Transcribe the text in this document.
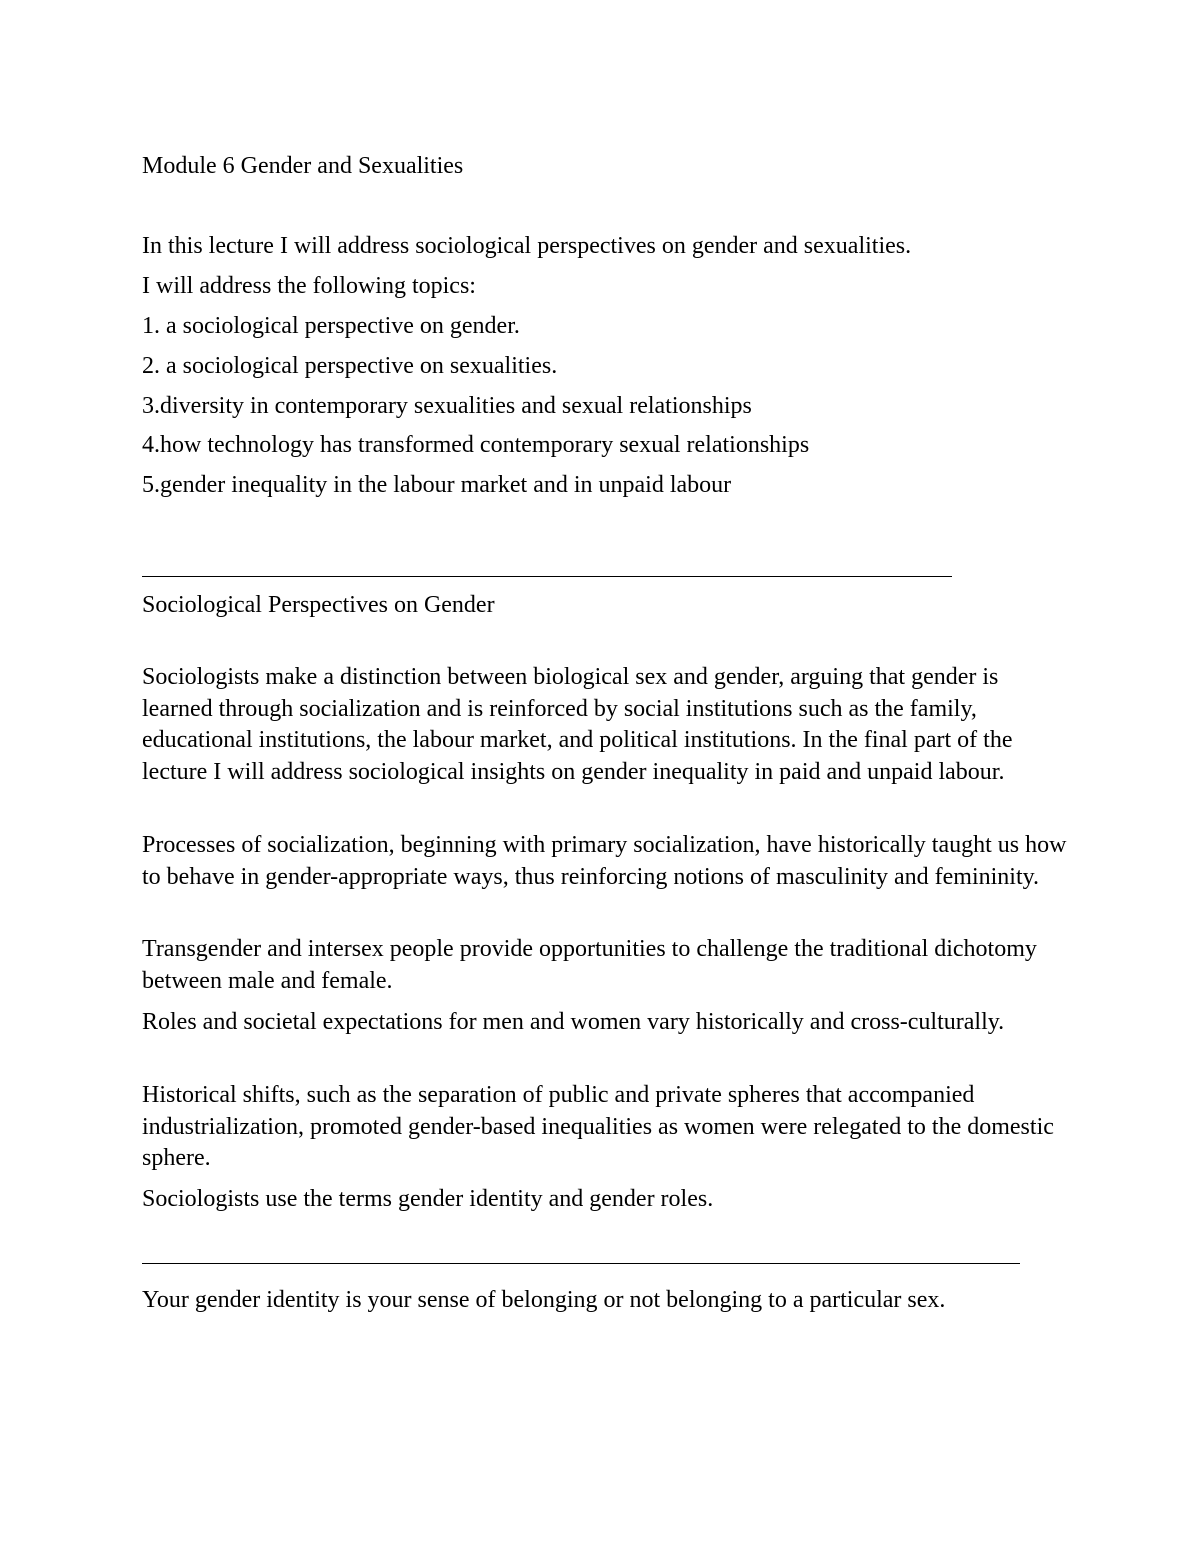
Module 6 Gender and Sexualities
In this lecture I will address sociological perspectives on gender and sexualities.
I will address the following topics:
1. a sociological perspective on gender.
2. a sociological perspective on sexualities.
3.diversity in contemporary sexualities and sexual relationships
4.how technology has transformed contemporary sexual relationships
5.gender inequality in the labour market and in unpaid labour
Sociological Perspectives on Gender

Sociologists make a distinction between biological sex and gender, arguing that gender is learned through socialization and is reinforced by social institutions such as the family, educational institutions, the labour market, and political institutions. In the final part of the lecture I will address sociological insights on gender inequality in paid and unpaid labour.

Processes of socialization, beginning with primary socialization, have historically taught us how to behave in gender-appropriate ways, thus reinforcing notions of masculinity and femininity.

Transgender and intersex people provide opportunities to challenge the traditional dichotomy between male and female.

Roles and societal expectations for men and women vary historically and cross-culturally.

Historical shifts, such as the separation of public and private spheres that accompanied industrialization, promoted gender-based inequalities as women were relegated to the domestic sphere.

Sociologists use the terms gender identity and gender roles.

Your gender identity is your sense of belonging or not belonging to a particular sex.
